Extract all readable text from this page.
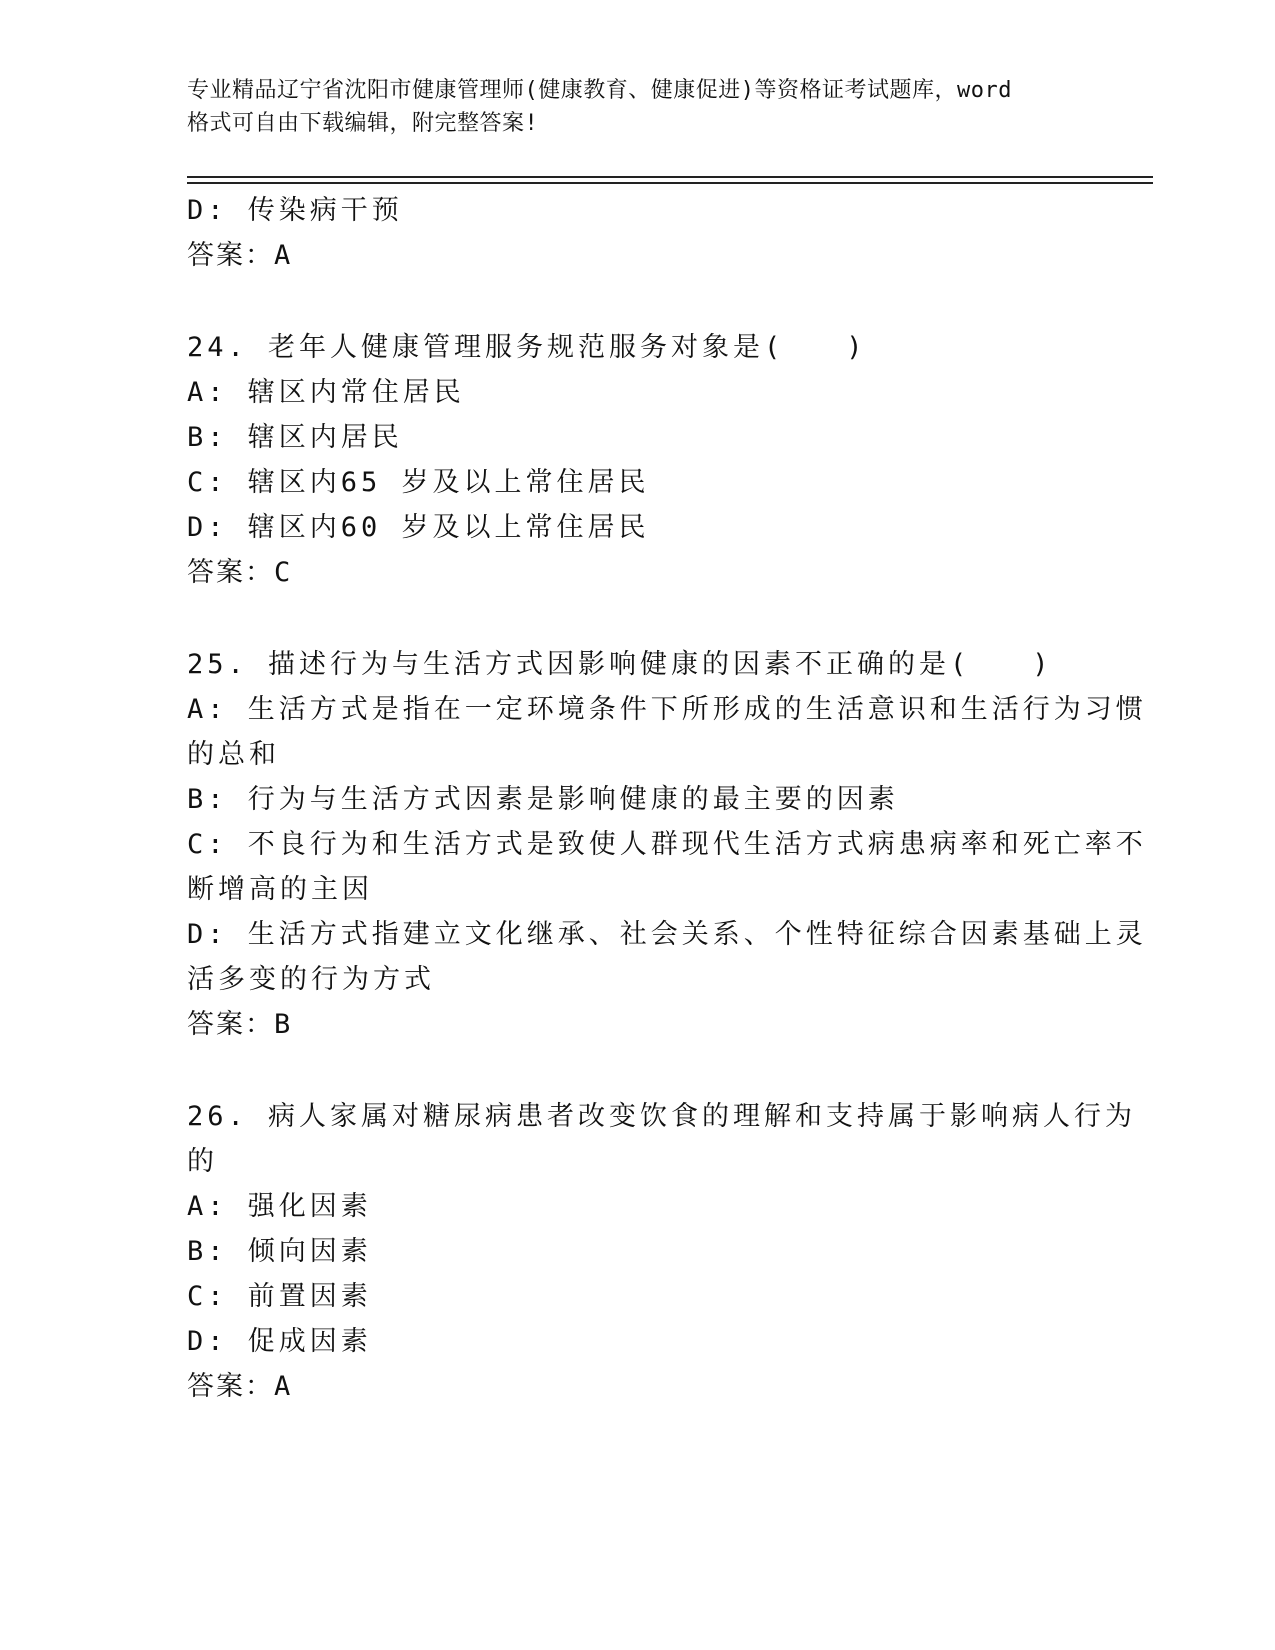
专业精品辽宁省沈阳市健康管理师(健康教育、健康促进)等资格证考试题库，word
格式可自由下载编辑，附完整答案!
D: 传染病干预
答案：A
24. 老年人健康管理服务规范服务对象是(　　)
A: 辖区内常住居民
B: 辖区内居民
C: 辖区内65 岁及以上常住居民
D: 辖区内60 岁及以上常住居民
答案：C
25. 描述行为与生活方式因影响健康的因素不正确的是(　　)
A: 生活方式是指在一定环境条件下所形成的生活意识和生活行为习惯
的总和
B: 行为与生活方式因素是影响健康的最主要的因素
C: 不良行为和生活方式是致使人群现代生活方式病患病率和死亡率不
断增高的主因
D: 生活方式指建立文化继承、社会关系、个性特征综合因素基础上灵
活多变的行为方式
答案：B
26. 病人家属对糖尿病患者改变饮食的理解和支持属于影响病人行为
的
A: 强化因素
B: 倾向因素
C: 前置因素
D: 促成因素
答案：A
